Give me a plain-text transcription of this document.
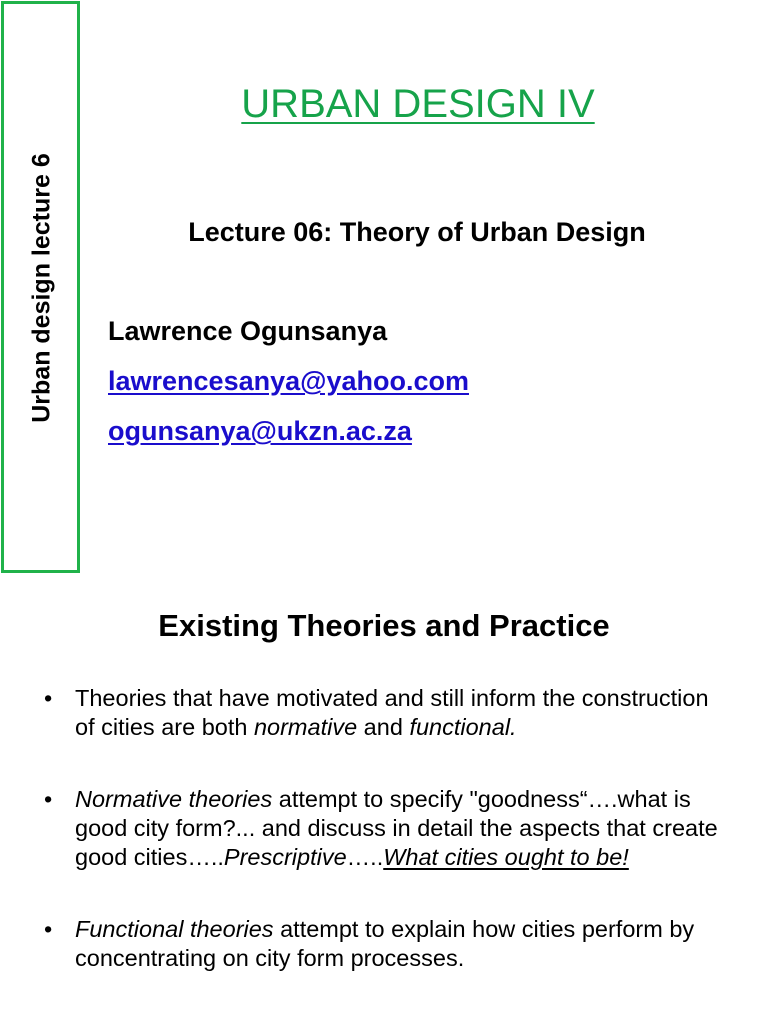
Urban design lecture 6
URBAN DESIGN IV
Lecture 06: Theory of Urban Design
Lawrence Ogunsanya
lawrencesanya@yahoo.com
ogunsanya@ukzn.ac.za
Existing Theories and Practice
• Theories that have motivated and still inform the construction of cities are both normative and functional.
• Normative theories attempt to specify "goodness“….what is good city form?... and discuss in detail the aspects that create good cities…..Prescriptive…..What cities ought to be!
• Functional theories attempt to explain how cities perform by concentrating on city form processes.
